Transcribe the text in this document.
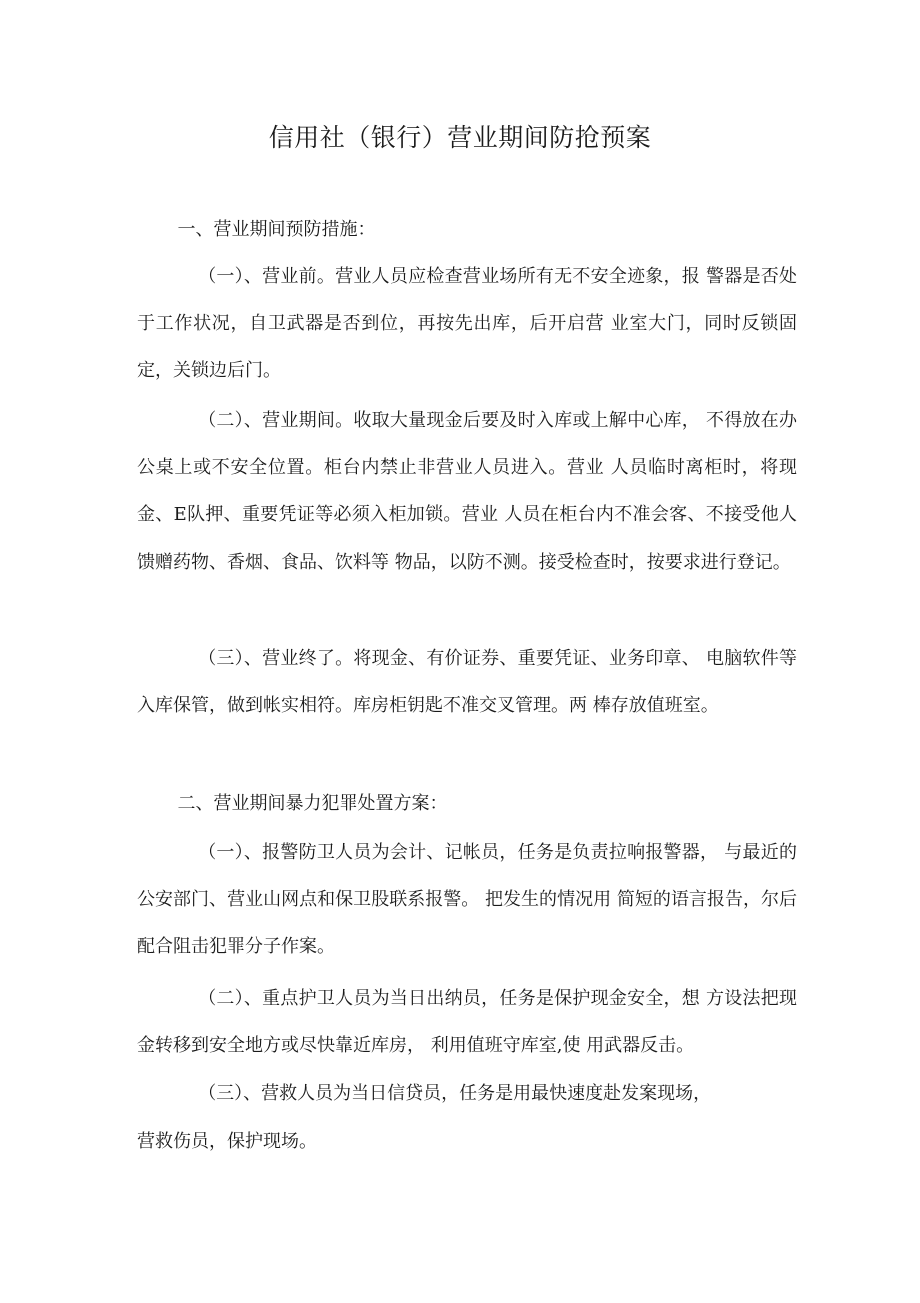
信用社（银行）营业期间防抢预案

一、营业期间预防措施：

（一）、营业前。营业人员应检查营业场所有无不安全迹象，报 警器是否处于工作状况，自卫武器是否到位，再按先出库，后开启营 业室大门，同时反锁固定，关锁边后门。

（二）、营业期间。收取大量现金后要及时入库或上解中心库， 不得放在办公桌上或不安全位置。柜台内禁止非营业人员进入。营业 人员临时离柜时，将现金、E队押、重要凭证等必须入柜加锁。营业 人员在柜台内不准会客、不接受他人馈赠药物、香烟、食品、饮料等 物品，以防不测。接受检查时，按要求进行登记。

（三）、营业终了。将现金、有价证券、重要凭证、业务印章、 电脑软件等入库保管，做到帐实相符。库房柜钥匙不准交叉管理。两 棒存放值班室。

二、营业期间暴力犯罪处置方案：

（一）、报警防卫人员为会计、记帐员，任务是负责拉响报警器， 与最近的公安部门、营业山网点和保卫股联系报警。 把发生的情况用 简短的语言报告，尔后配合阻击犯罪分子作案。

（二）、重点护卫人员为当日出纳员，任务是保护现金安全，想 方设法把现金转移到安全地方或尽快靠近库房， 利用值班守库室,使 用武器反击。

（三）、营救人员为当日信贷员，任务是用最快速度赴发案现场，

营救伤员，保护现场。
